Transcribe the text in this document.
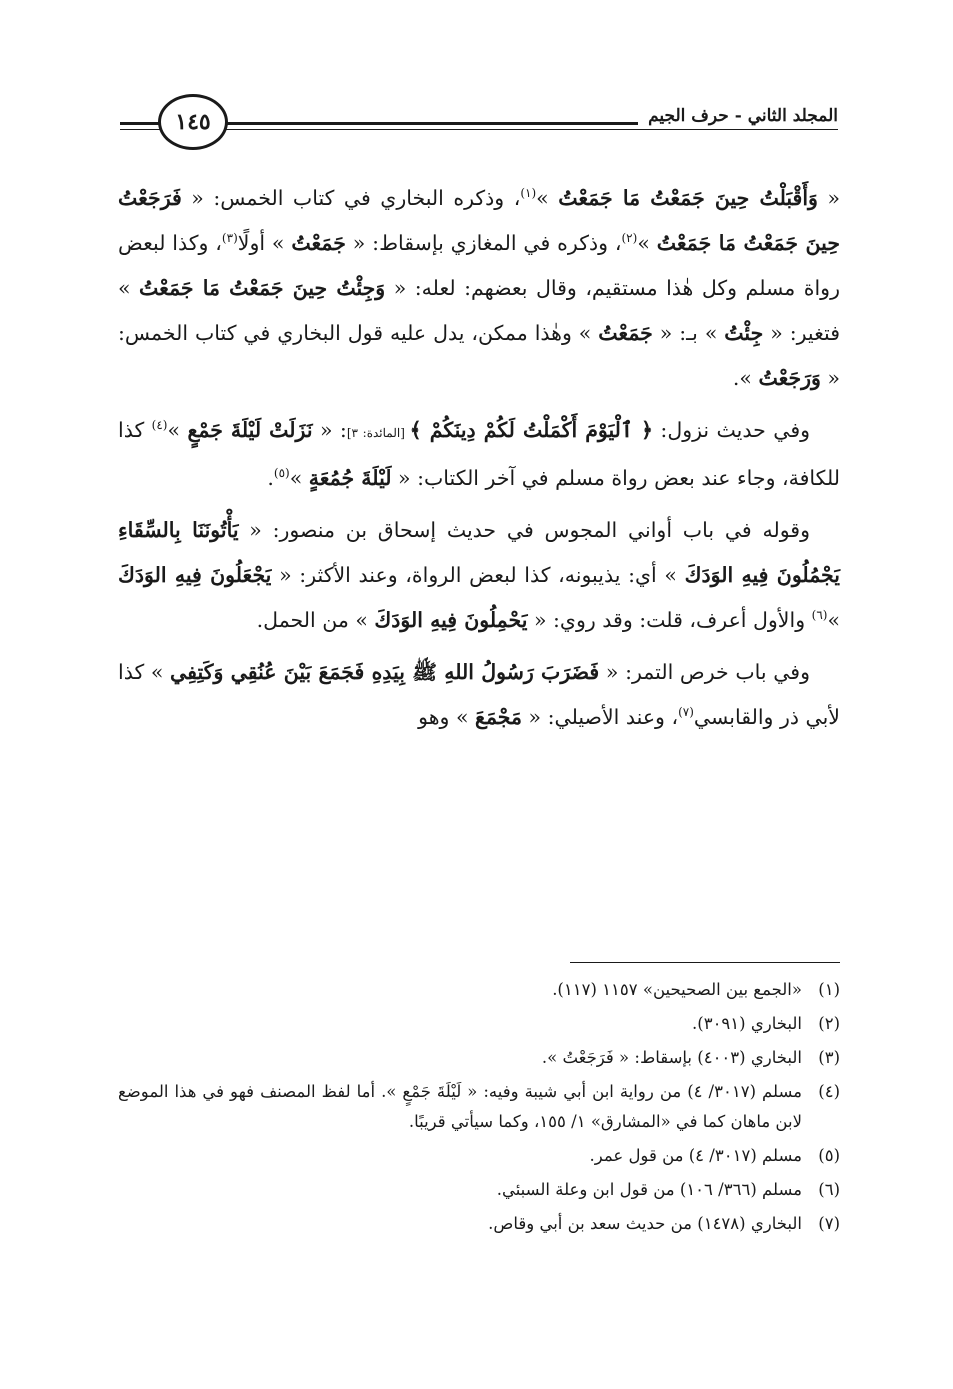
١٤٥	المجلد الثاني - حرف الجيم

« وَأَقْبَلْتُ حِينَ جَمَعْتُ مَا جَمَعْتُ »$^{(١)}$، وذكره البخاري في كتاب الخمس: « فَرَجَعْتُ حِينَ جَمَعْتُ مَا جَمَعْتُ »$^{(٢)}$، وذكره في المغازي بإسقاط: « جَمَعْتُ » أولًا$^{(٣)}$، وكذا لبعض رواة مسلم وكل هٰذا مستقيم، وقال بعضهم: لعله: « وَجِئْتُ حِينَ جَمَعْتُ مَا جَمَعْتُ » فتغير: « جِئْتُ » بـ: « جَمَعْتُ » وهٰذا ممكن، يدل عليه قول البخاري في كتاب الخمس: « وَرَجَعْتُ ».

وفي حديث نزول: ﴿ ٱلْيَوْمَ أَكْمَلْتُ لَكُمْ دِينَكُمْ ﴾ [المائدة: ٣]: « نَزَلَتْ لَيْلَةَ جَمْعٍ »$^{(٤)}$ كذا للكافة، وجاء عند بعض رواة مسلم في آخر الكتاب: « لَيْلَةَ جُمُعَةٍ »$^{(٥)}$.

وقوله في باب أواني المجوس في حديث إسحاق بن منصور: « يَأْتُونَنَا بِالسِّقَاءِ يَجْمُلُونَ فِيهِ الوَدَكَ » أي: يذيبونه، كذا لبعض الرواة، وعند الأكثر: « يَجْعَلُونَ فِيهِ الوَدَكَ »$^{(٦)}$ والأول أعرف، قلت: وقد روي: « يَحْمِلُونَ فِيهِ الوَدَكَ » من الحمل.

وفي باب خرص التمر: « فَضَرَبَ رَسُولُ اللهِ ﷺ بِيَدِهِ فَجَمَعَ بَيْنَ عُنُقِي وَكَتِفِي » كذا لأبي ذر والقابسي$^{(٧)}$، وعند الأصيلي: « مَجْمَعَ » وهو

(١)
«الجمع بين الصحيحين» ١١٥٧ (١١٧).
(٢)
البخاري (٣٠٩١).
(٣)
البخاري (٤٠٠٣) بإسقاط: « فَرَجَعْتُ ».
(٤)
مسلم (٣٠١٧/ ٤) من رواية ابن أبي شيبة وفيه: « لَيْلَةَ جَمْعٍ ». أما لفظ المصنف فهو في هذا الموضع لابن ماهان كما في «المشارق» ١/ ١٥٥، وكما سيأتي قريبًا.
(٥)
مسلم (٣٠١٧/ ٤) من قول عمر.
(٦)
مسلم (٣٦٦/ ١٠٦) من قول ابن وعلة السبئي.
(٧)
البخاري (١٤٧٨) من حديث سعد بن أبي وقاص.
